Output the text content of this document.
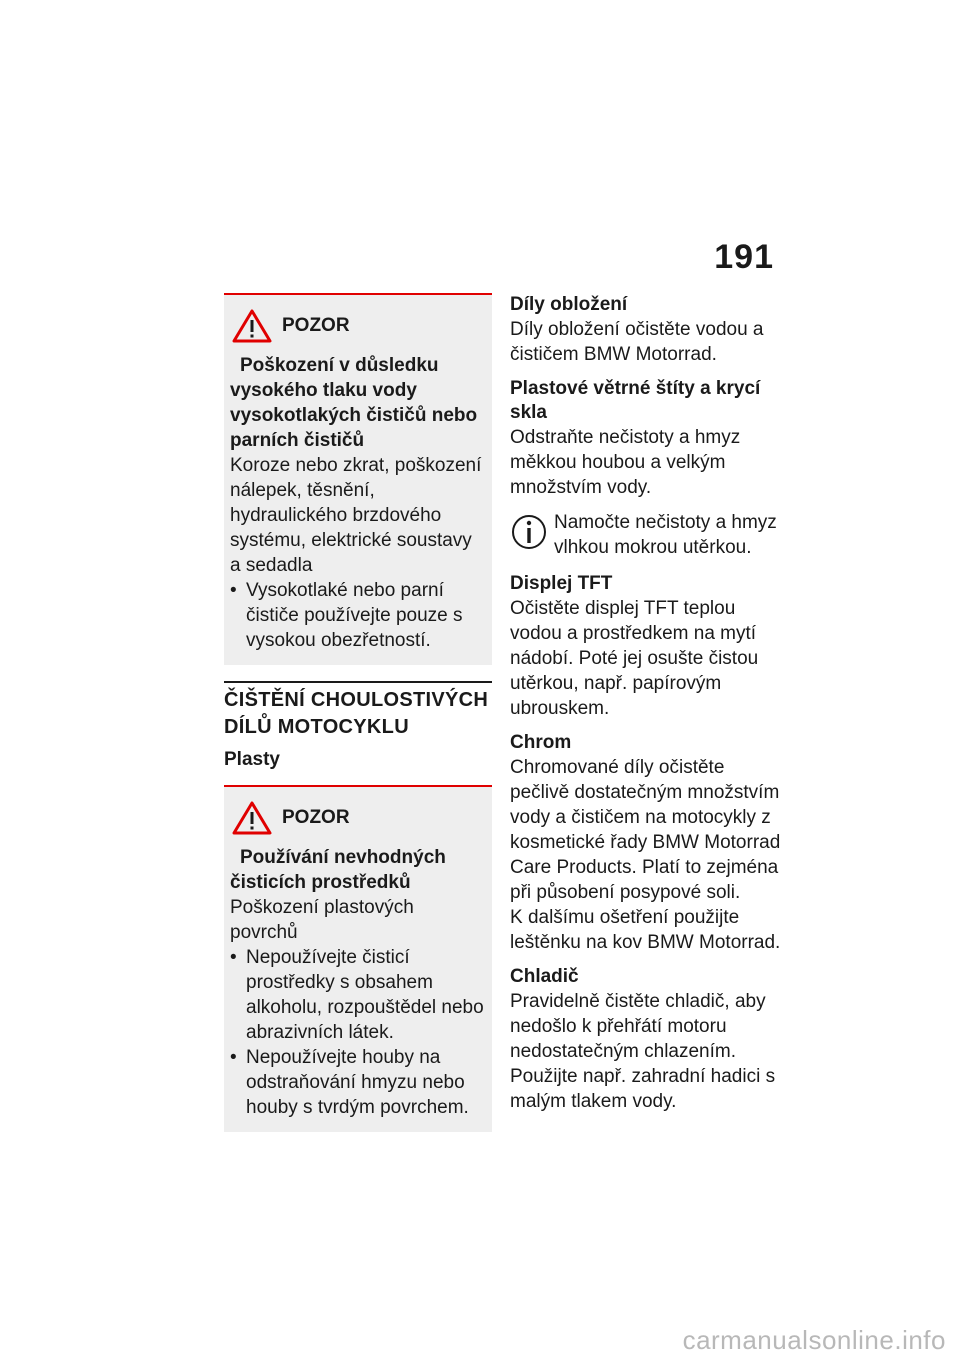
191
POZOR

Poškození v důsledku vysokého tlaku vody vysokotlakých čističů nebo parních čističů

Koroze nebo zkrat, poškození nálepek, těsnění, hydraulického brzdového systému, elektrické soustavy a sedadla

• Vysokotlaké nebo parní čističe používejte pouze s vysokou obezřetností.
ČIŠTĚNÍ CHOULOSTIVÝCH DÍLŮ MOTOCYKLU
Plasty
POZOR

Používání nevhodných čisticích prostředků

Poškození plastových povrchů

• Nepoužívejte čisticí prostředky s obsahem alkoholu, rozpouštědel nebo abrazivních látek.
• Nepoužívejte houby na odstraňování hmyzu nebo houby s tvrdým povrchem.

Díly obložení

Díly obložení očistěte vodou a čističem BMW Motorrad.

Plastové větrné štíty a krycí skla

Odstraňte nečistoty a hmyz měkkou houbou a velkým množstvím vody.

Namočte nečistoty a hmyz vlhkou mokrou utěrkou.

Displej TFT

Očistěte displej TFT teplou vodou a prostředkem na mytí nádobí. Poté jej osušte čistou utěrkou, např. papírovým ubrouskem.

Chrom

Chromované díly očistěte pečlivě dostatečným množstvím vody a čističem na motocykly z kosmetické řady BMW Motorrad Care Products. Platí to zejména při působení posypové soli.

K dalšímu ošetření použijte leštěnku na kov BMW Motorrad.

Chladič

Pravidelně čistěte chladič, aby nedošlo k přehřátí motoru nedostatečným chlazením.

Použijte např. zahradní hadici s malým tlakem vody.

carmanualsonline.info
